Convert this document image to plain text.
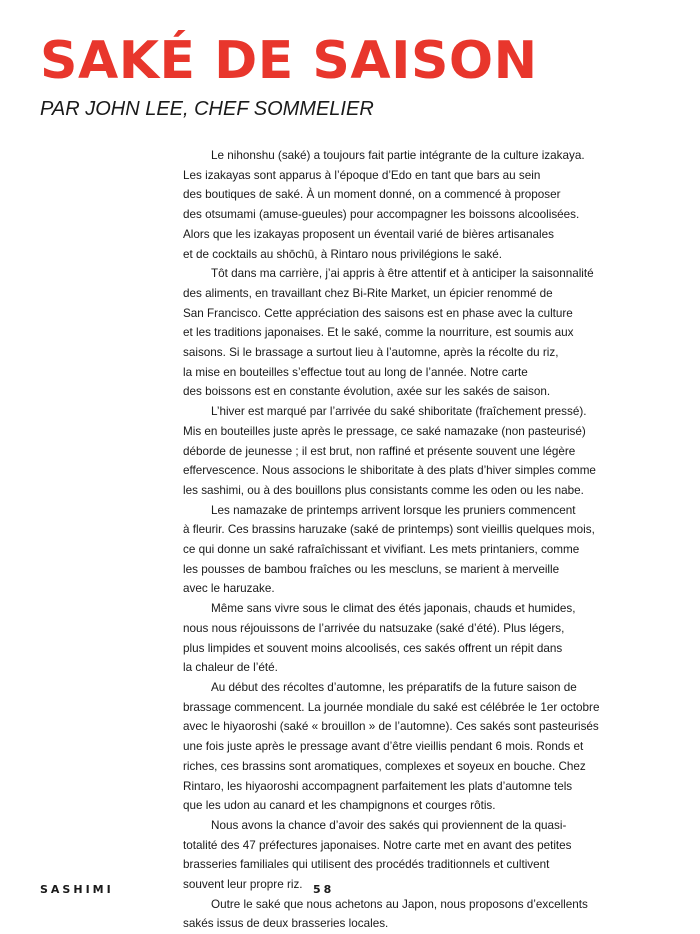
SAKÉ DE SAISON
PAR JOHN LEE, CHEF SOMMELIER

Le nihonshu (saké) a toujours fait partie intégrante de la culture izakaya.
Les izakayas sont apparus à l’époque d’Edo en tant que bars au sein
des boutiques de saké. À un moment donné, on a commencé à proposer
des otsumami (amuse-gueules) pour accompagner les boissons alcoolisées.
Alors que les izakayas proposent un éventail varié de bières artisanales
et de cocktails au shōchū, à Rintaro nous privilégions le saké.

Tôt dans ma carrière, j’ai appris à être attentif et à anticiper la saisonnalité
des aliments, en travaillant chez Bi-Rite Market, un épicier renommé de
San Francisco. Cette appréciation des saisons est en phase avec la culture
et les traditions japonaises. Et le saké, comme la nourriture, est soumis aux
saisons. Si le brassage a surtout lieu à l’automne, après la récolte du riz,
la mise en bouteilles s’effectue tout au long de l’année. Notre carte
des boissons est en constante évolution, axée sur les sakés de saison.

L’hiver est marqué par l’arrivée du saké shiboritate (fraîchement pressé).
Mis en bouteilles juste après le pressage, ce saké namazake (non pasteurisé)
déborde de jeunesse ; il est brut, non raffiné et présente souvent une légère
effervescence. Nous associons le shiboritate à des plats d’hiver simples comme
les sashimi, ou à des bouillons plus consistants comme les oden ou les nabe.

Les namazake de printemps arrivent lorsque les pruniers commencent
à fleurir. Ces brassins haruzake (saké de printemps) sont vieillis quelques mois,
ce qui donne un saké rafraîchissant et vivifiant. Les mets printaniers, comme
les pousses de bambou fraîches ou les mescluns, se marient à merveille
avec le haruzake.

Même sans vivre sous le climat des étés japonais, chauds et humides,
nous nous réjouissons de l’arrivée du natsuzake (saké d’été). Plus légers,
plus limpides et souvent moins alcoolisés, ces sakés offrent un répit dans
la chaleur de l’été.

Au début des récoltes d’automne, les préparatifs de la future saison de
brassage commencent. La journée mondiale du saké est célébrée le 1er octobre
avec le hiyaoroshi (saké « brouillon » de l’automne). Ces sakés sont pasteurisés
une fois juste après le pressage avant d’être vieillis pendant 6 mois. Ronds et
riches, ces brassins sont aromatiques, complexes et soyeux en bouche. Chez
Rintaro, les hiyaoroshi accompagnent parfaitement les plats d’automne tels
que les udon au canard et les champignons et courges rôtis.

Nous avons la chance d’avoir des sakés qui proviennent de la quasi-
totalité des 47 préfectures japonaises. Notre carte met en avant des petites
brasseries familiales qui utilisent des procédés traditionnels et cultivent
souvent leur propre riz.

Outre le saké que nous achetons au Japon, nous proposons d’excellents
sakés issus de deux brasseries locales.

SASHIMI	58
